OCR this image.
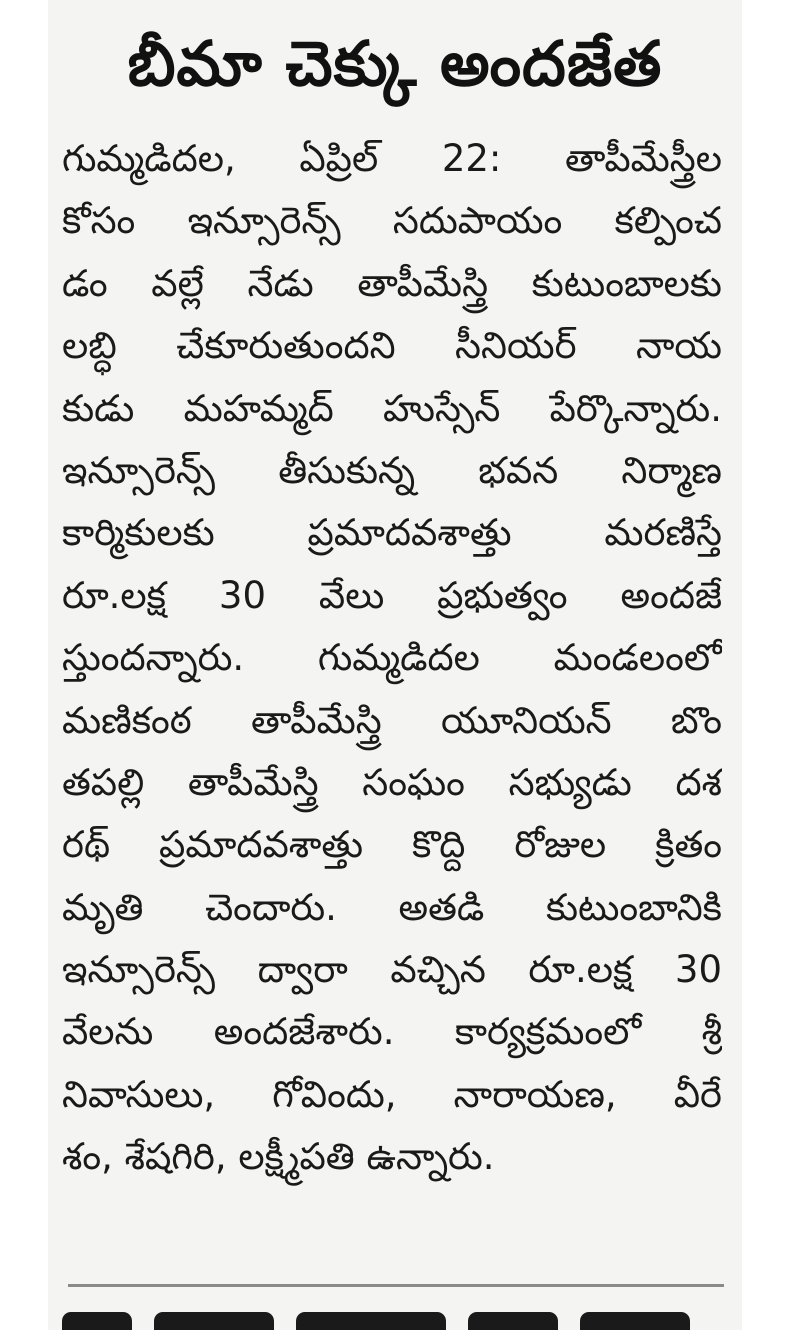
బీమా చెక్కు అందజేత
గుమ్మడిదల, ఏప్రిల్ 22: తాపీమేస్త్రీల
కోసం ఇన్సూరెన్స్ సదుపాయం కల్పించ
డం వల్లే నేడు తాపీమేస్త్రి కుటుంబాలకు
లబ్ధి చేకూరుతుందని సీనియర్ నాయ
కుడు మహమ్మద్ హుస్సేన్ పేర్కొన్నారు.
ఇన్సూరెన్స్ తీసుకున్న భవన నిర్మాణ
కార్మికులకు ప్రమాదవశాత్తు మరణిస్తే
రూ.లక్ష 30 వేలు ప్రభుత్వం అందజే
స్తుందన్నారు. గుమ్మడిదల మండలంలో
మణికంఠ తాపీమేస్త్రి యూనియన్ బొం
తపల్లి తాపీమేస్త్రి సంఘం సభ్యుడు దశ
రథ్ ప్రమాదవశాత్తు కొద్ది రోజుల క్రితం
మృతి చెందారు. అతడి కుటుంబానికి
ఇన్సూరెన్స్ ద్వారా వచ్చిన రూ.లక్ష 30
వేలను అందజేశారు. కార్యక్రమంలో శ్రీ
నివాసులు, గోవిందు, నారాయణ, వీరే
శం, శేషగిరి, లక్ష్మీపతి ఉన్నారు.
